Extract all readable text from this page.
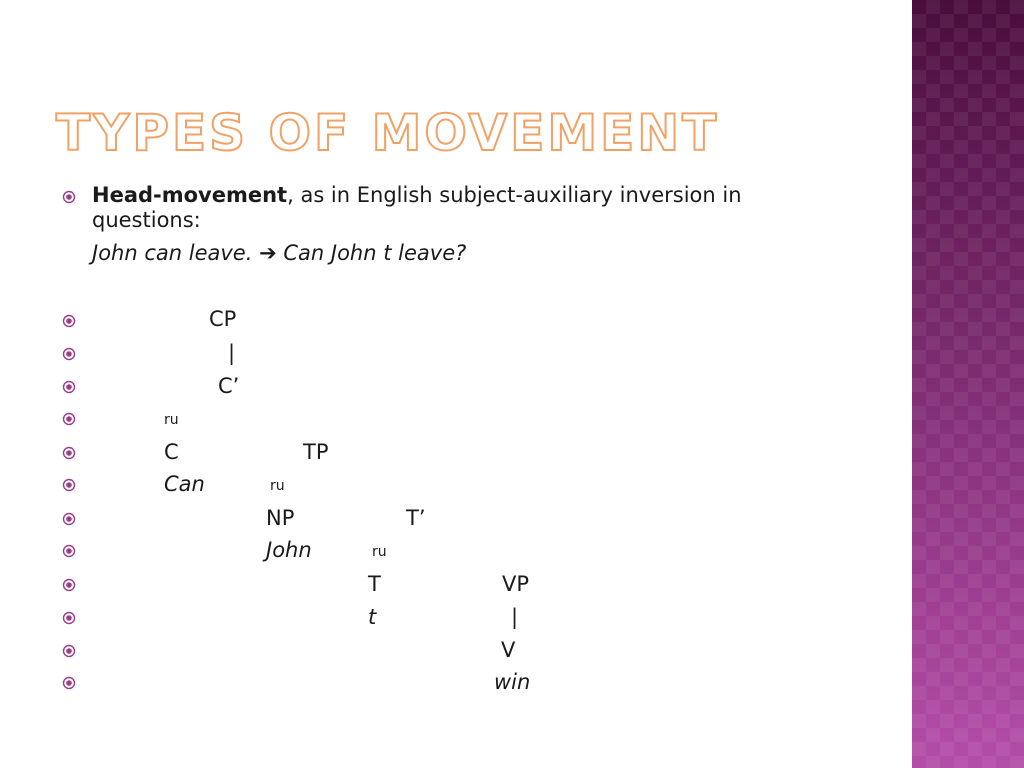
TYPES OF MOVEMENT
Head-movement, as in English subject-auxiliary inversion in
questions:
John can leave. ➔ Can John t leave?
CP
|
C’
ru
C	TP
Can	ru
NP	T’
John	ru
T	VP
t	|
V
win
